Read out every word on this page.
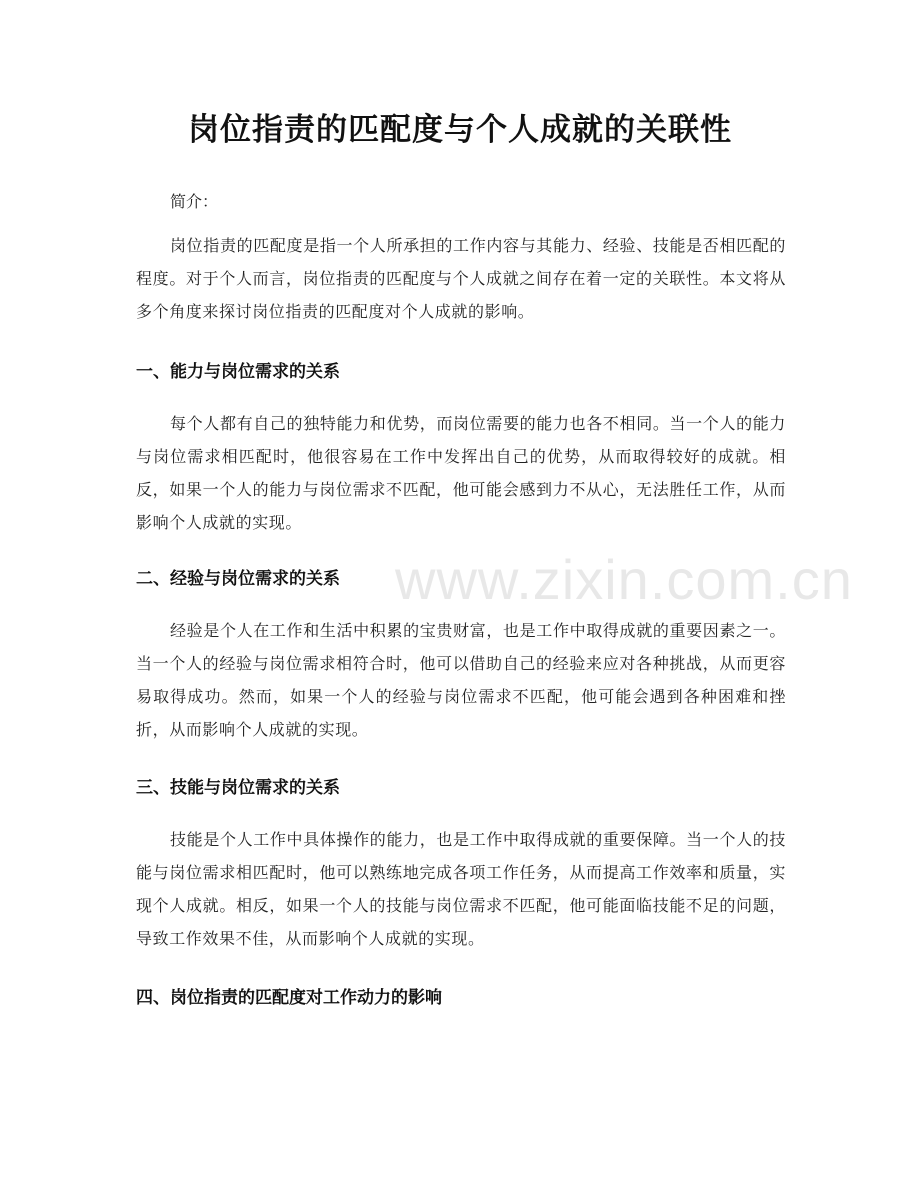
岗位指责的匹配度与个人成就的关联性
简介：
岗位指责的匹配度是指一个人所承担的工作内容与其能力、经验、技能是否相匹配的程度。对于个人而言，岗位指责的匹配度与个人成就之间存在着一定的关联性。本文将从多个角度来探讨岗位指责的匹配度对个人成就的影响。
一、能力与岗位需求的关系
每个人都有自己的独特能力和优势，而岗位需要的能力也各不相同。当一个人的能力与岗位需求相匹配时，他很容易在工作中发挥出自己的优势，从而取得较好的成就。相反，如果一个人的能力与岗位需求不匹配，他可能会感到力不从心，无法胜任工作，从而影响个人成就的实现。
二、经验与岗位需求的关系
经验是个人在工作和生活中积累的宝贵财富，也是工作中取得成就的重要因素之一。当一个人的经验与岗位需求相符合时，他可以借助自己的经验来应对各种挑战，从而更容易取得成功。然而，如果一个人的经验与岗位需求不匹配，他可能会遇到各种困难和挫折，从而影响个人成就的实现。
三、技能与岗位需求的关系
技能是个人工作中具体操作的能力，也是工作中取得成就的重要保障。当一个人的技能与岗位需求相匹配时，他可以熟练地完成各项工作任务，从而提高工作效率和质量，实现个人成就。相反，如果一个人的技能与岗位需求不匹配，他可能面临技能不足的问题，导致工作效果不佳，从而影响个人成就的实现。
四、岗位指责的匹配度对工作动力的影响
www.zixin.com.cn
